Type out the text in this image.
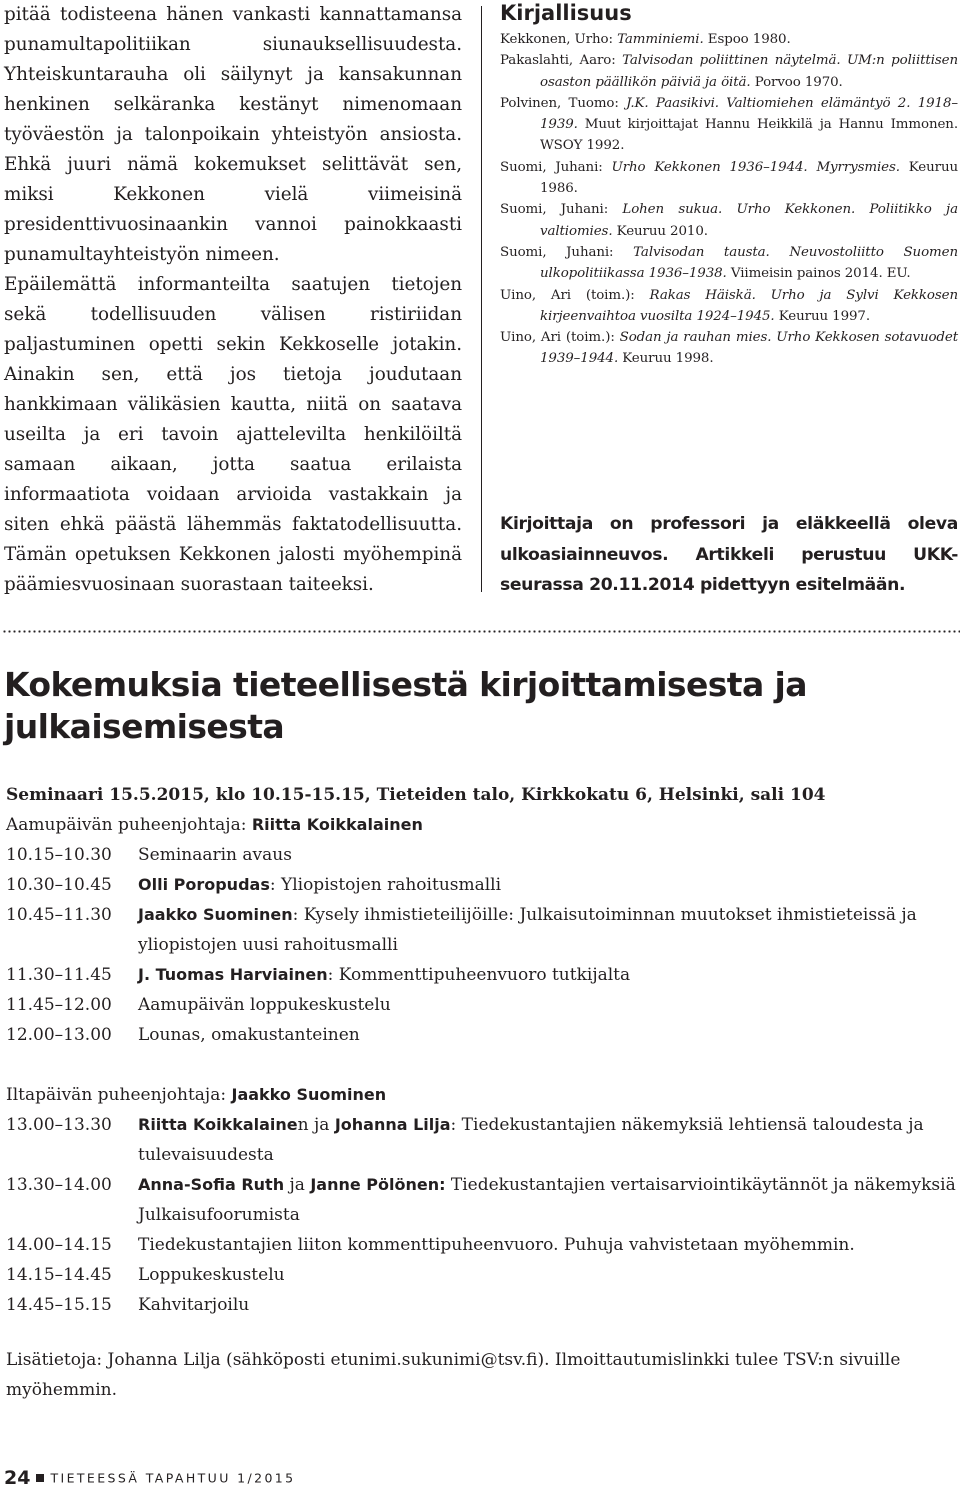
pitää todisteena hänen vankasti kannattamansa punamultapolitiikan siunauksellisuudesta. Yhteiskuntarauha oli säilynyt ja kansakunnan henkinen selkäranka kestänyt nimenomaan työväestön ja talonpoikain yhteistyön ansiosta. Ehkä juuri nämä kokemukset selittävät sen, miksi Kekkonen vielä viimeisinä presidenttivuosinaankin vannoi painokkaasti punamultayhteistyön nimeen.

Epäilemättä informanteilta saatujen tietojen sekä todellisuuden välisen ristiriidan paljastuminen opetti sekin Kekkoselle jotakin. Ainakin sen, että jos tietoja joudutaan hankkimaan välikäsien kautta, niitä on saatava useilta ja eri tavoin ajattelevilta henkilöiltä samaan aikaan, jotta saatua erilaista informaatiota voidaan arvioida vastakkain ja siten ehkä päästä lähemmäs faktatodellisuutta. Tämän opetuksen Kekkonen jalosti myöhempinä päämiesvuosinaan suorastaan taiteeksi.

Kirjallisuus
Kekkonen, Urho: Tamminiemi. Espoo 1980.
Pakaslahti, Aaro: Talvisodan poliittinen näytelmä. UM:n poliittisen osaston päällikön päiviä ja öitä. Porvoo 1970.
Polvinen, Tuomo: J.K. Paasikivi. Valtiomiehen elämäntyö 2. 1918–1939. Muut kirjoittajat Hannu Heikkilä ja Hannu Immonen. WSOY 1992.
Suomi, Juhani: Urho Kekkonen 1936–1944. Myrrysmies. Keuruu 1986.
Suomi, Juhani: Lohen sukua. Urho Kekkonen. Poliitikko ja valtiomies. Keuruu 2010.
Suomi, Juhani: Talvisodan tausta. Neuvostoliitto Suomen ulkopolitiikassa 1936–1938. Viimeisin painos 2014. EU.
Uino, Ari (toim.): Rakas Häiskä. Urho ja Sylvi Kekkosen kirjeenvaihtoa vuosilta 1924–1945. Keuruu 1997.
Uino, Ari (toim.): Sodan ja rauhan mies. Urho Kekkosen sotavuodet 1939–1944. Keuruu 1998.
Kirjoittaja on professori ja eläkkeellä oleva ulkoasiainneuvos. Artikkeli perustuu UKK-seurassa 20.11.2014 pidettyyn esitelmään.
Kokemuksia tieteellisestä kirjoittamisesta ja julkaisemisesta
Seminaari 15.5.2015, klo 10.15-15.15, Tieteiden talo, Kirkkokatu 6, Helsinki, sali 104
Aamupäivän puheenjohtaja: Riitta Koikkalainen
10.15–10.30	Seminaarin avaus
10.30–10.45	Olli Poropudas: Yliopistojen rahoitusmalli
10.45–11.30	Jaakko Suominen: Kysely ihmistieteilijöille: Julkaisutoiminnan muutokset ihmistieteissä ja yliopistojen uusi rahoitusmalli
11.30–11.45	J. Tuomas Harviainen: Kommenttipuheenvuoro tutkijalta
11.45–12.00	Aamupäivän loppukeskustelu
12.00–13.00	Lounas, omakustanteinen
Iltapäivän puheenjohtaja: Jaakko Suominen
13.00–13.30	Riitta Koikkalainen ja Johanna Lilja: Tiedekustantajien näkemyksiä lehtiensä taloudesta ja tulevaisuudesta
13.30–14.00	Anna-Sofia Ruth ja Janne Pölönen: Tiedekustantajien vertaisarviointikäytännöt ja näkemyksiä Julkaisufoorumista
14.00–14.15	Tiedekustantajien liiton kommenttipuheenvuoro. Puhuja vahvistetaan myöhemmin.
14.15–14.45	Loppukeskustelu
14.45–15.15	Kahvitarjoilu
Lisätietoja: Johanna Lilja (sähköposti etunimi.sukunimi@tsv.fi). Ilmoittautumislinkki tulee TSV:n sivuille myöhemmin.
24 TIETEESSÄ TAPAHTUU 1/2015
